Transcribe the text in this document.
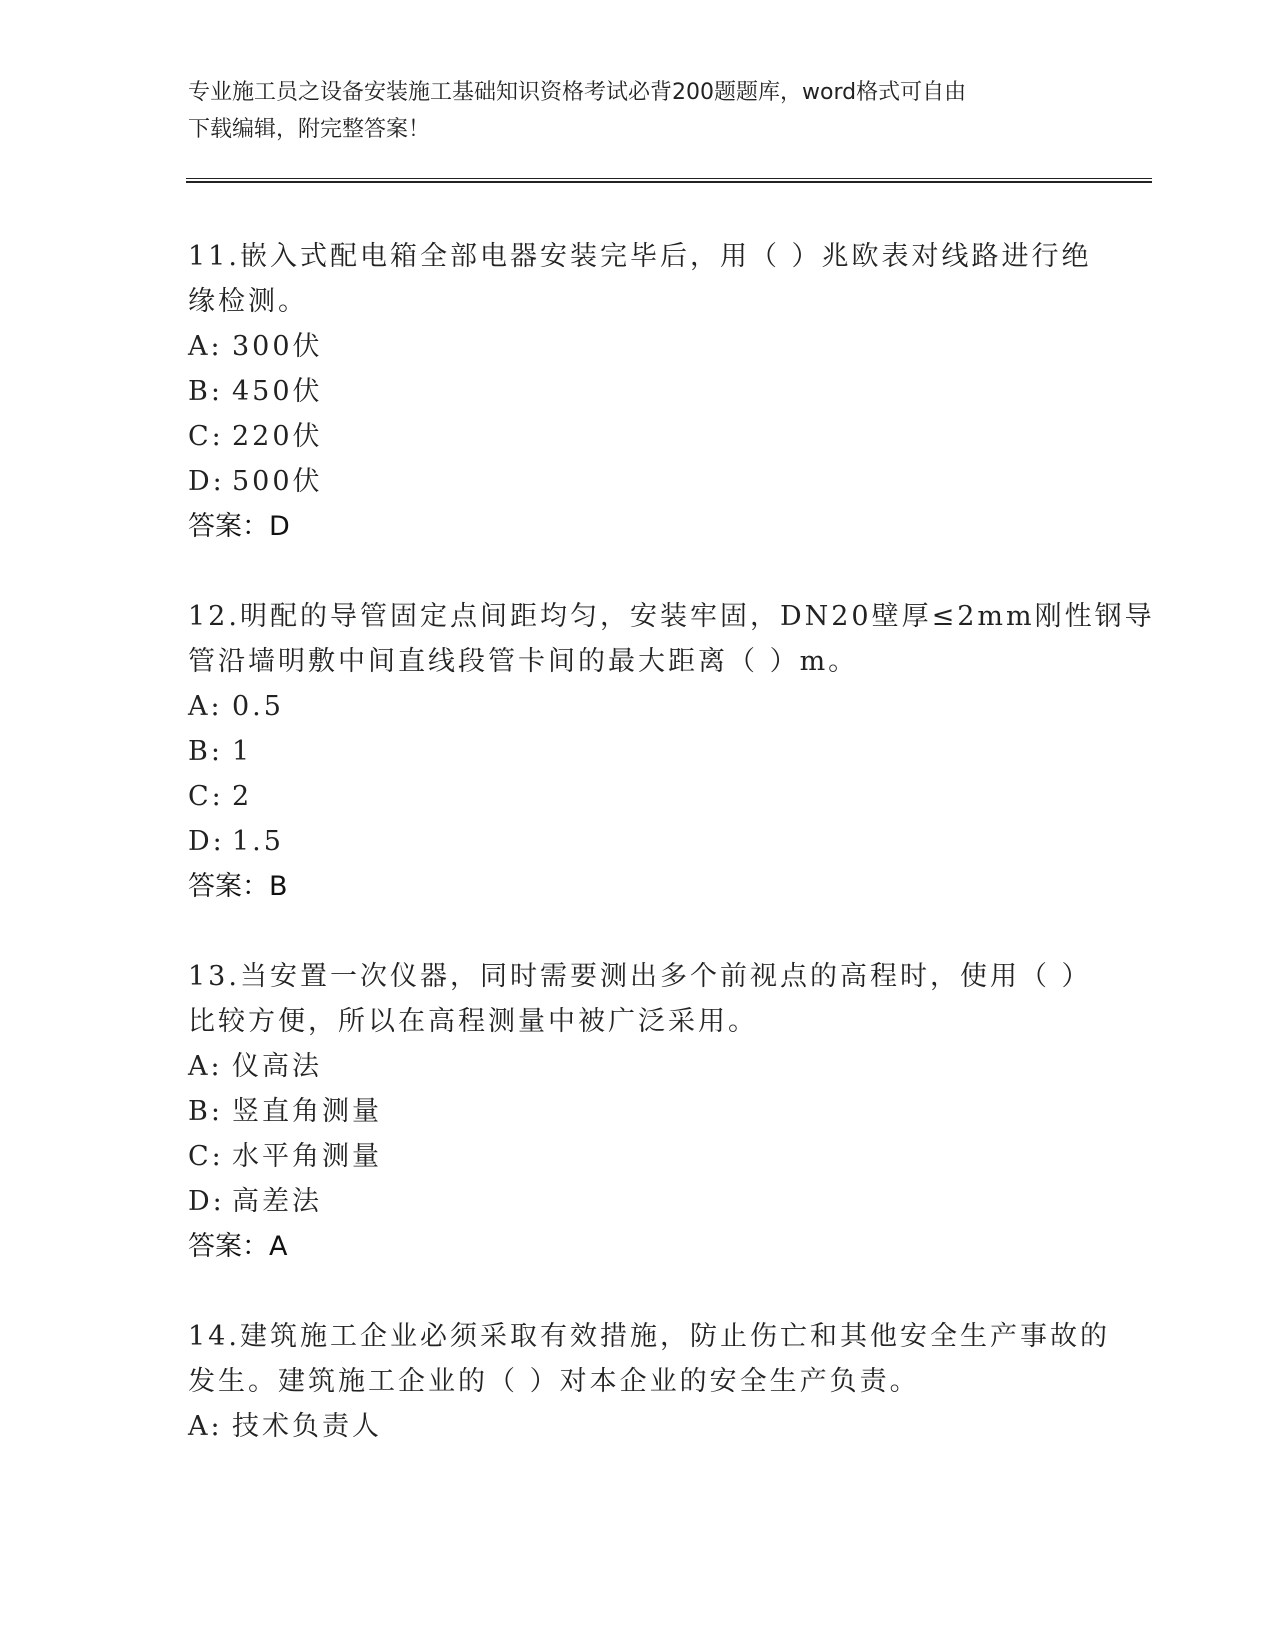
专业施工员之设备安装施工基础知识资格考试必背200题题库，word格式可自由
下载编辑，附完整答案！
11.嵌入式配电箱全部电器安装完毕后，用（ ）兆欧表对线路进行绝
缘检测。
A: 300伏
B: 450伏
C: 220伏
D: 500伏
答案：D
12.明配的导管固定点间距均匀，安装牢固，DN20壁厚≤2mm刚性钢导
管沿墙明敷中间直线段管卡间的最大距离（ ）m。
A: 0.5
B: 1
C: 2
D: 1.5
答案：B
13.当安置一次仪器，同时需要测出多个前视点的高程时，使用（ ）
比较方便，所以在高程测量中被广泛采用。
A: 仪高法
B: 竖直角测量
C: 水平角测量
D: 高差法
答案：A
14.建筑施工企业必须采取有效措施，防止伤亡和其他安全生产事故的
发生。建筑施工企业的（ ）对本企业的安全生产负责。
A: 技术负责人
